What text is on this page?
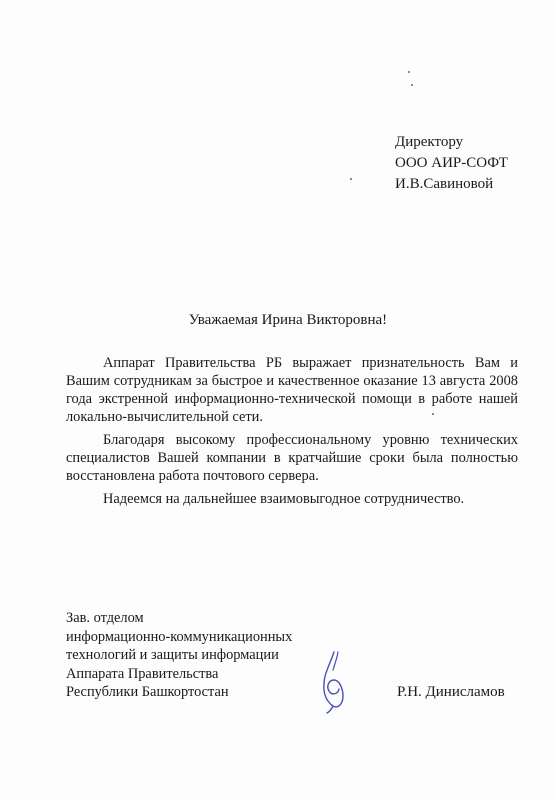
Директору
ООО АИР-СОФТ
И.В.Савиновой
Уважаемая Ирина Викторовна!

Аппарат Правительства РБ выражает признательность Вам и Вашим сотрудникам за быстрое и качественное оказание 13 августа 2008 года экстренной информационно-технической помощи в работе нашей локально-вычислительной сети.

Благодаря высокому профессиональному уровню технических специалистов Вашей компании в кратчайшие сроки была полностью восстановлена работа почтового сервера.

Надеемся на дальнейшее взаимовыгодное сотрудничество.

Зав. отделом
информационно-коммуникационных
технологий и защиты информации
Аппарата Правительства
Республики Башкортостан	Р.Н. Динисламов
